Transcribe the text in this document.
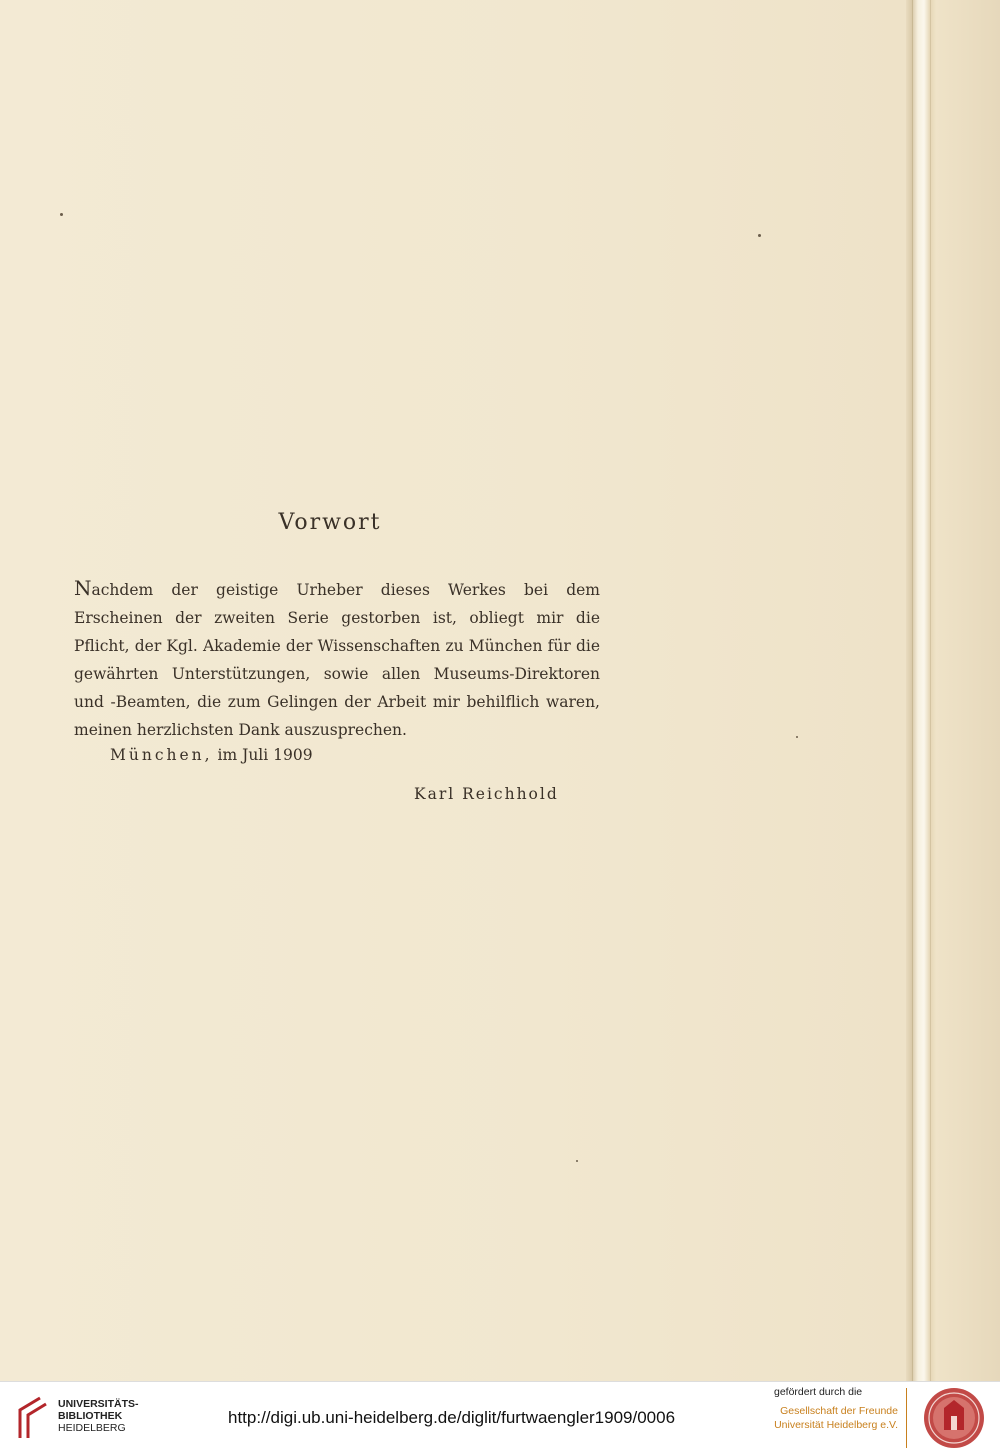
Vorwort
Nachdem der geistige Urheber dieses Werkes bei dem Erscheinen der zweiten Serie gestorben ist, obliegt mir die Pflicht, der Kgl. Akademie der Wissenschaften zu München für die gewährten Unterstützungen, sowie allen Museums-Direktoren und -Beamten, die zum Gelingen der Arbeit mir behilflich waren, meinen herzlichsten Dank auszusprechen.
München, im Juli 1909
Karl Reichhold
UNIVERSITÄTS-
BIBLIOTHEK
HEIDELBERG
http://digi.ub.uni-heidelberg.de/diglit/furtwaengler1909/0006
gefördert durch die
Gesellschaft der Freunde
Universität Heidelberg e.V.
